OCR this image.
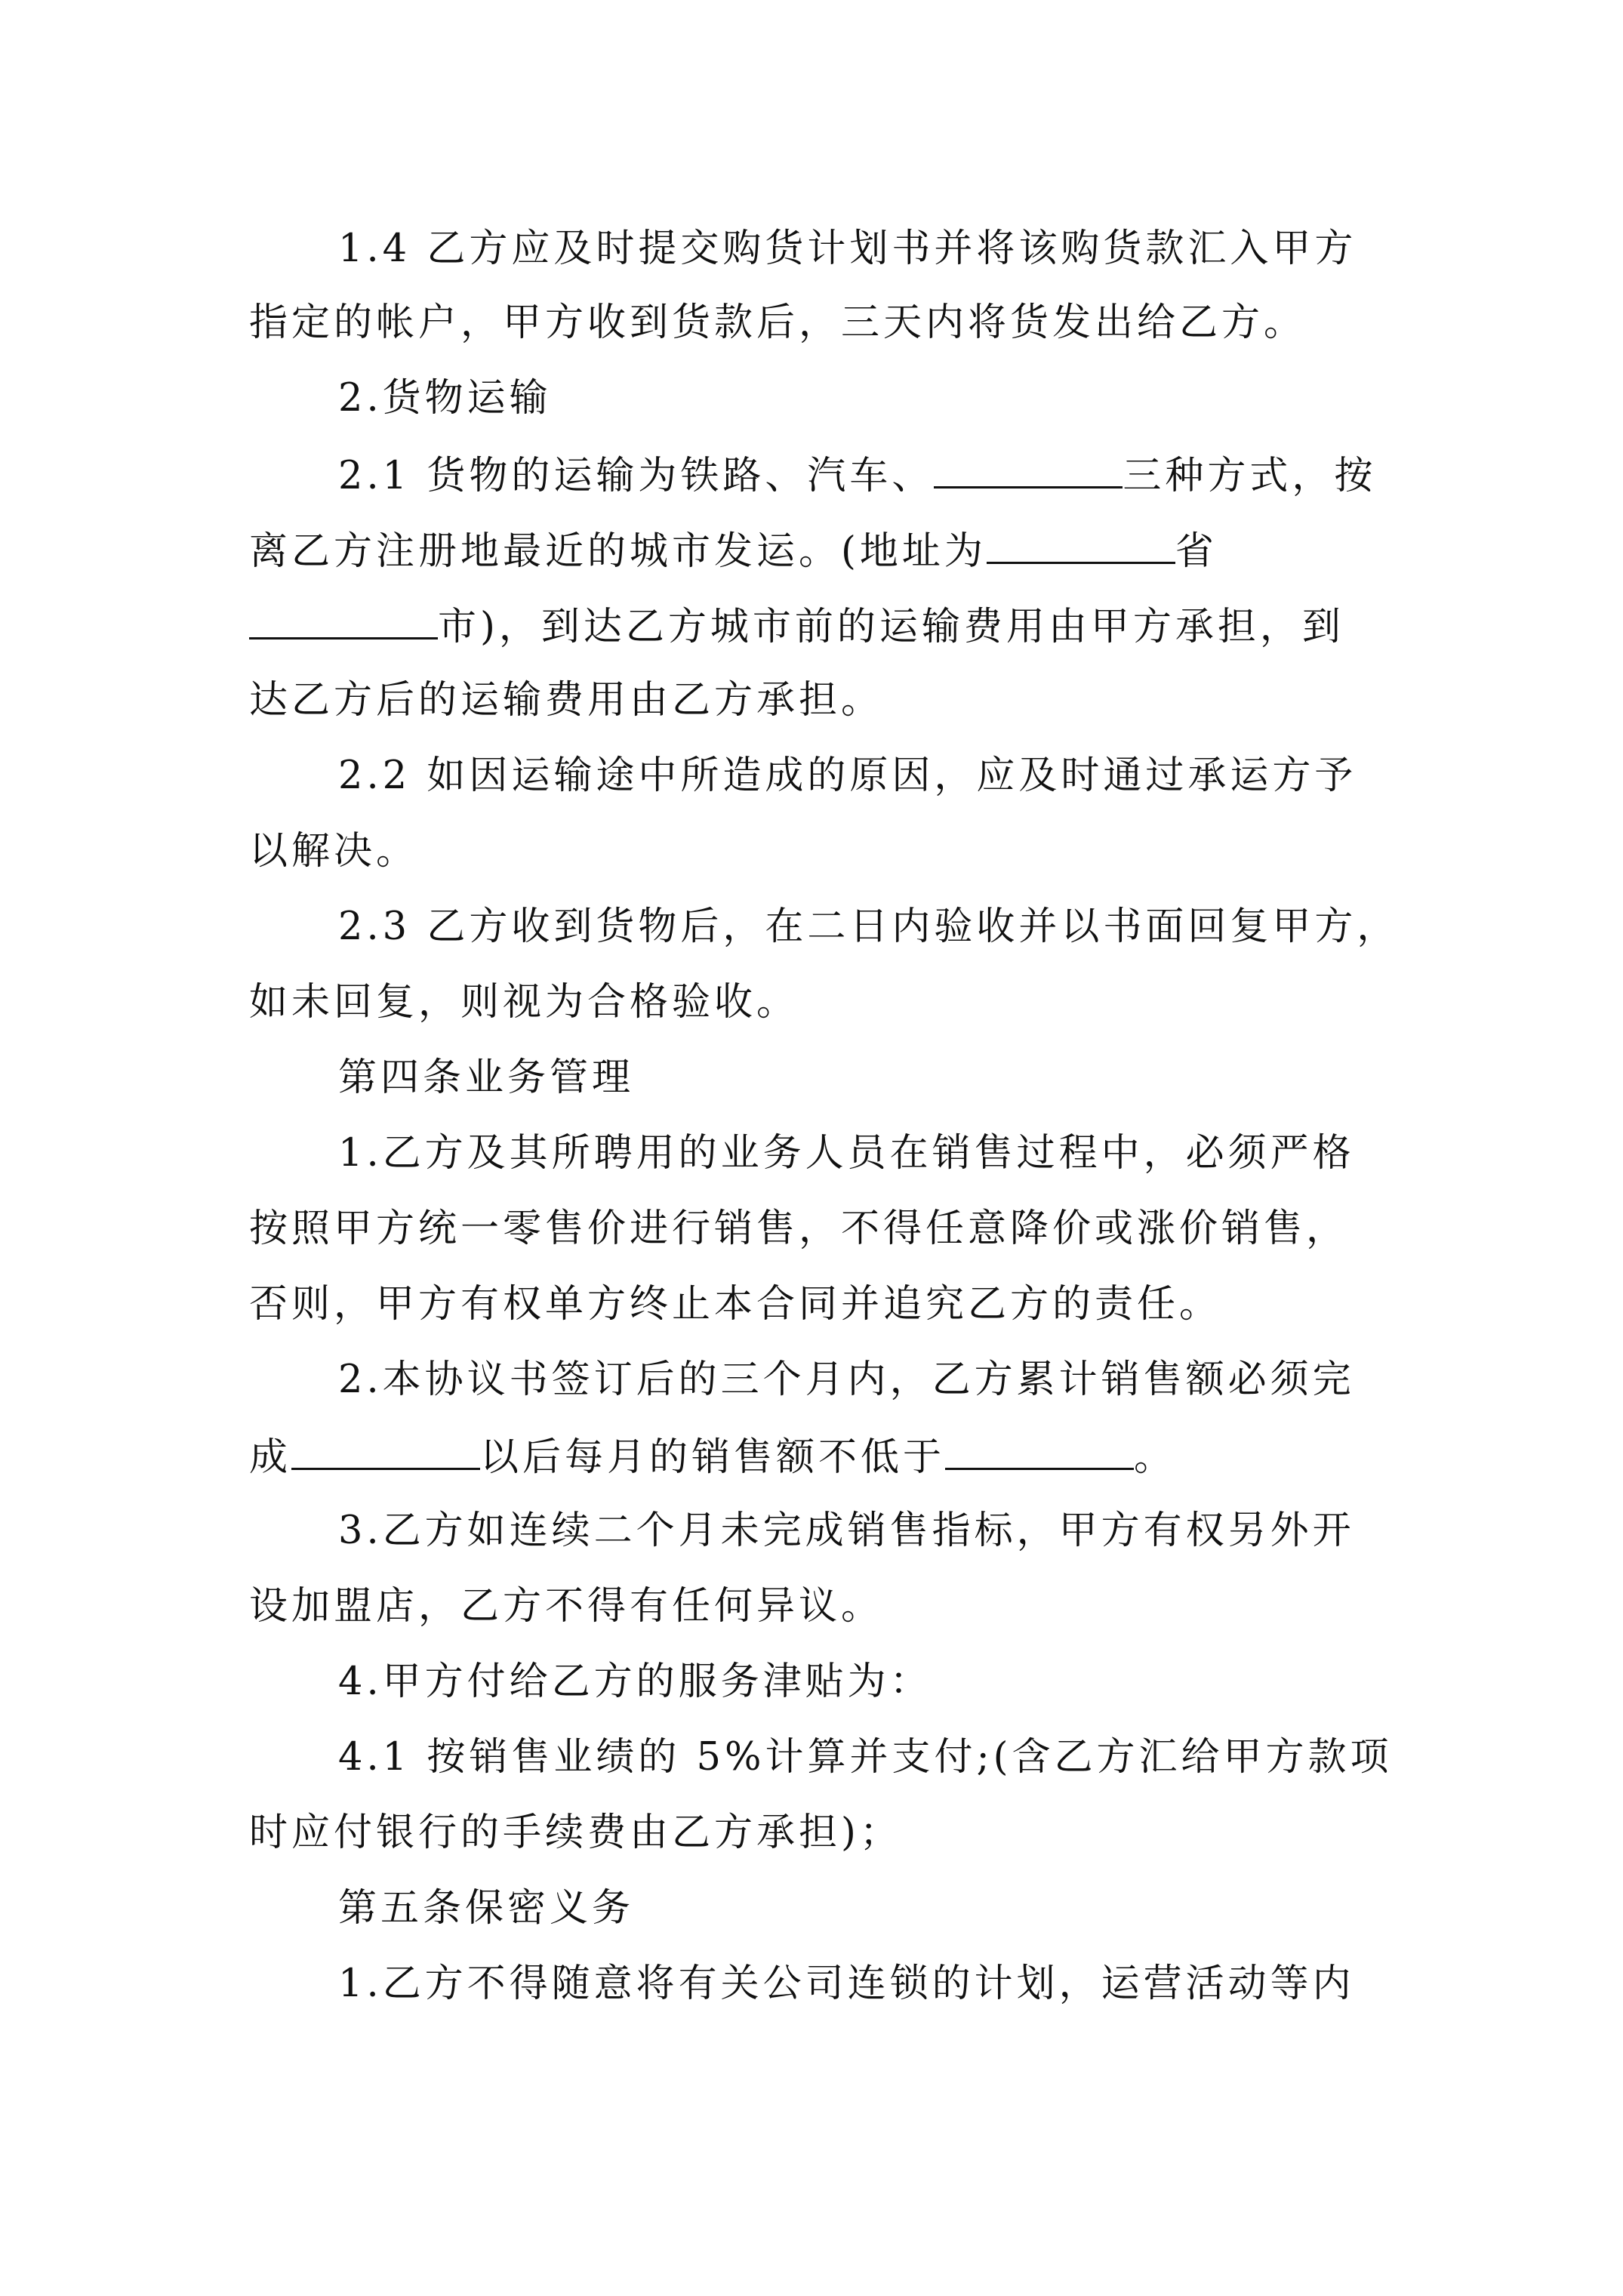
1.4 乙方应及时提交购货计划书并将该购货款汇入甲方
指定的帐户，甲方收到货款后，三天内将货发出给乙方。
2.货物运输
2.1 货物的运输为铁路、汽车、	三种方式，按
离乙方注册地最近的城市发运。(地址为	省
市)，到达乙方城市前的运输费用由甲方承担，到
达乙方后的运输费用由乙方承担。
2.2 如因运输途中所造成的原因，应及时通过承运方予
以解决。
2.3 乙方收到货物后，在二日内验收并以书面回复甲方，
如未回复，则视为合格验收。
第四条业务管理
1.乙方及其所聘用的业务人员在销售过程中，必须严格
按照甲方统一零售价进行销售，不得任意降价或涨价销售，
否则，甲方有权单方终止本合同并追究乙方的责任。
2.本协议书签订后的三个月内，乙方累计销售额必须完
成	以后每月的销售额不低于	。
3.乙方如连续二个月未完成销售指标，甲方有权另外开
设加盟店，乙方不得有任何异议。
4.甲方付给乙方的服务津贴为：
4.1 按销售业绩的 5%计算并支付;(含乙方汇给甲方款项
时应付银行的手续费由乙方承担)；
第五条保密义务
1.乙方不得随意将有关公司连锁的计划，运营活动等内
